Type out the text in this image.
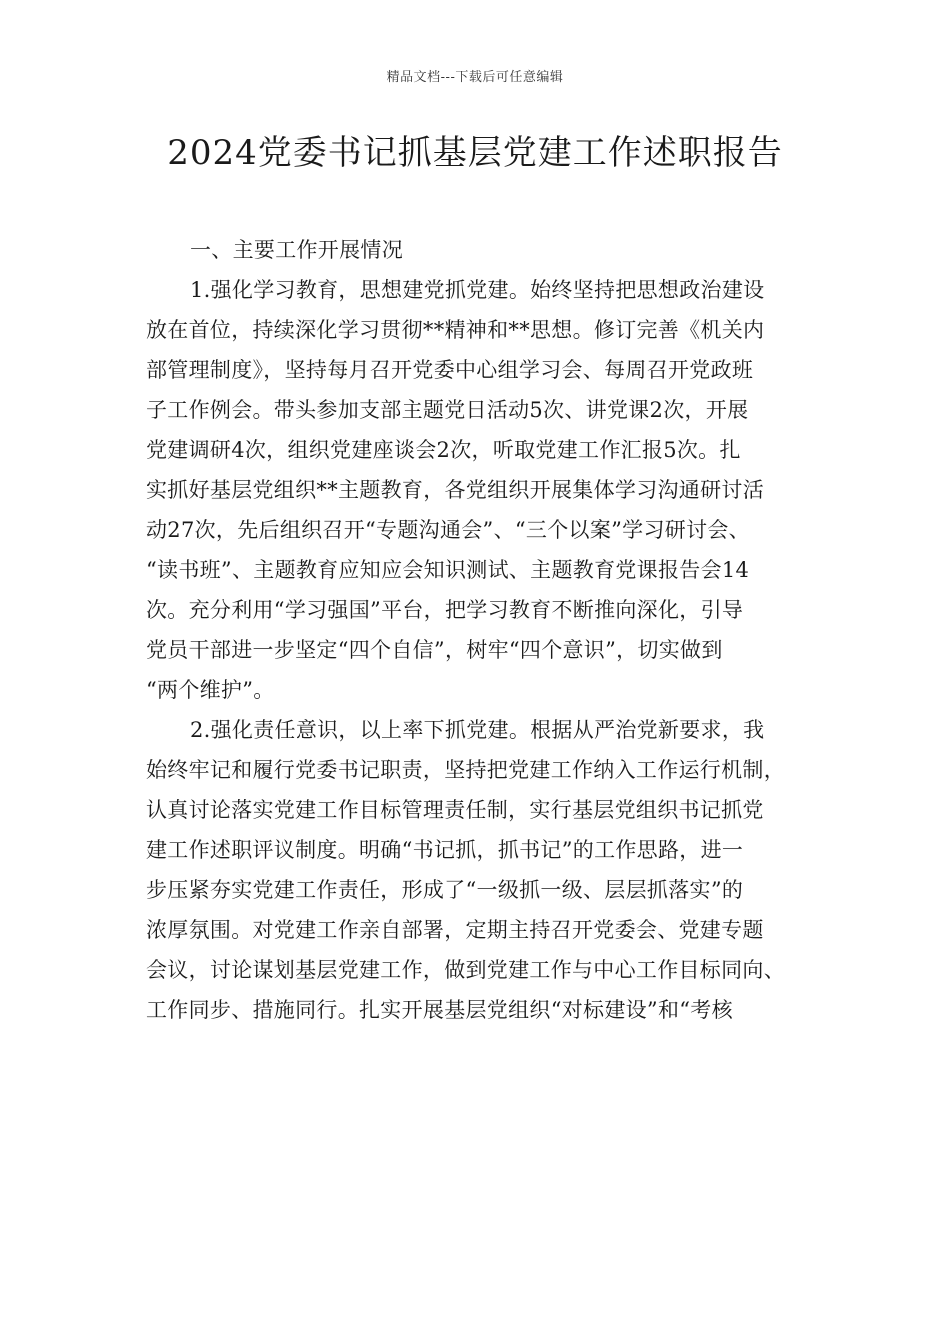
精品文档---下载后可任意编辑
2024党委书记抓基层党建工作述职报告
一、主要工作开展情况
1.强化学习教育，思想建党抓党建。始终坚持把思想政治建设
放在首位，持续深化学习贯彻**精神和**思想。修订完善《机关内
部管理制度》，坚持每月召开党委中心组学习会、每周召开党政班
子工作例会。带头参加支部主题党日活动5次、讲党课2次，开展
党建调研4次，组织党建座谈会2次，听取党建工作汇报5次。扎
实抓好基层党组织**主题教育，各党组织开展集体学习沟通研讨活
动27次，先后组织召开“专题沟通会”、“三个以案”学习研讨会、
“读书班”、主题教育应知应会知识测试、主题教育党课报告会14
次。充分利用“学习强国”平台，把学习教育不断推向深化，引导
党员干部进一步坚定“四个自信”，树牢“四个意识”，切实做到
“两个维护”。
2.强化责任意识，以上率下抓党建。根据从严治党新要求，我
始终牢记和履行党委书记职责，坚持把党建工作纳入工作运行机制，
认真讨论落实党建工作目标管理责任制，实行基层党组织书记抓党
建工作述职评议制度。明确“书记抓，抓书记”的工作思路，进一
步压紧夯实党建工作责任，形成了“一级抓一级、层层抓落实”的
浓厚氛围。对党建工作亲自部署，定期主持召开党委会、党建专题
会议，讨论谋划基层党建工作，做到党建工作与中心工作目标同向、
工作同步、措施同行。扎实开展基层党组织“对标建设”和“考核
